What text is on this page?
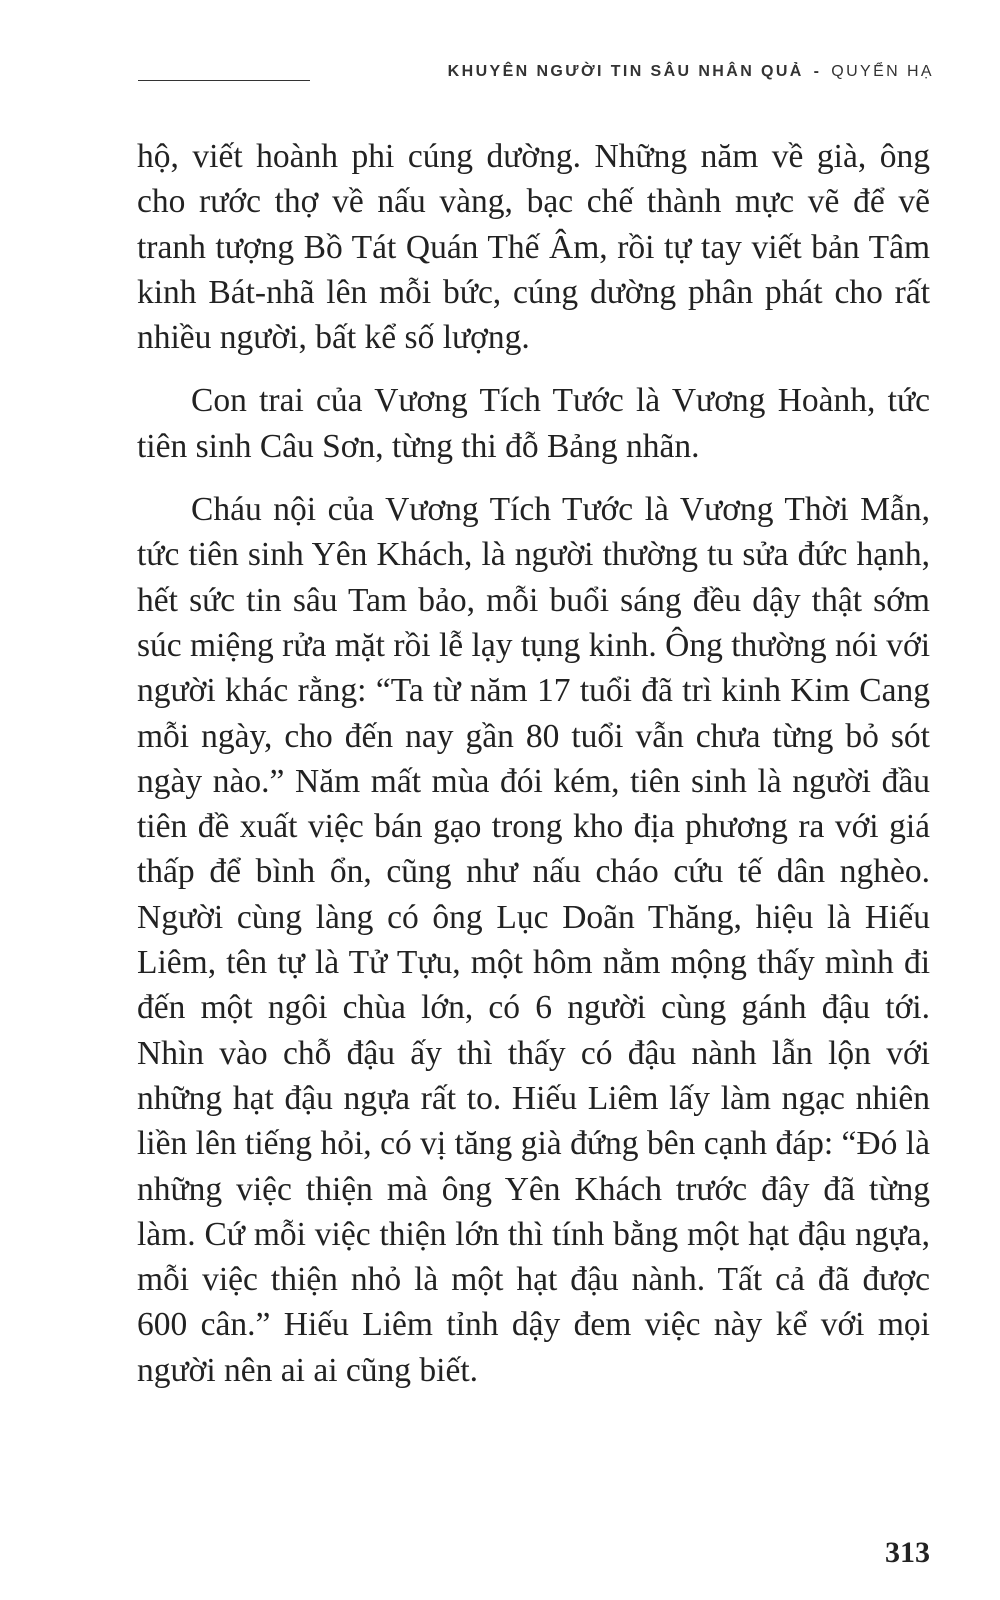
KHUYÊN NGƯỜI TIN SÂU NHÂN QUẢ - QUYỂN HẠ

hộ, viết hoành phi cúng dường. Những năm về già, ông cho rước thợ về nấu vàng, bạc chế thành mực vẽ để vẽ tranh tượng Bồ Tát Quán Thế Âm, rồi tự tay viết bản Tâm kinh Bát-nhã lên mỗi bức, cúng dường phân phát cho rất nhiều người, bất kể số lượng.

Con trai của Vương Tích Tước là Vương Hoành, tức tiên sinh Câu Sơn, từng thi đỗ Bảng nhãn.

Cháu nội của Vương Tích Tước là Vương Thời Mẫn, tức tiên sinh Yên Khách, là người thường tu sửa đức hạnh, hết sức tin sâu Tam bảo, mỗi buổi sáng đều dậy thật sớm súc miệng rửa mặt rồi lễ lạy tụng kinh. Ông thường nói với người khác rằng: “Ta từ năm 17 tuổi đã trì kinh Kim Cang mỗi ngày, cho đến nay gần 80 tuổi vẫn chưa từng bỏ sót ngày nào.” Năm mất mùa đói kém, tiên sinh là người đầu tiên đề xuất việc bán gạo trong kho địa phương ra với giá thấp để bình ổn, cũng như nấu cháo cứu tế dân nghèo. Người cùng làng có ông Lục Doãn Thăng, hiệu là Hiếu Liêm, tên tự là Tử Tựu, một hôm nằm mộng thấy mình đi đến một ngôi chùa lớn, có 6 người cùng gánh đậu tới. Nhìn vào chỗ đậu ấy thì thấy có đậu nành lẫn lộn với những hạt đậu ngựa rất to. Hiếu Liêm lấy làm ngạc nhiên liền lên tiếng hỏi, có vị tăng già đứng bên cạnh đáp: “Đó là những việc thiện mà ông Yên Khách trước đây đã từng làm. Cứ mỗi việc thiện lớn thì tính bằng một hạt đậu ngựa, mỗi việc thiện nhỏ là một hạt đậu nành. Tất cả đã được 600 cân.” Hiếu Liêm tỉnh dậy đem việc này kể với mọi người nên ai ai cũng biết.

313
